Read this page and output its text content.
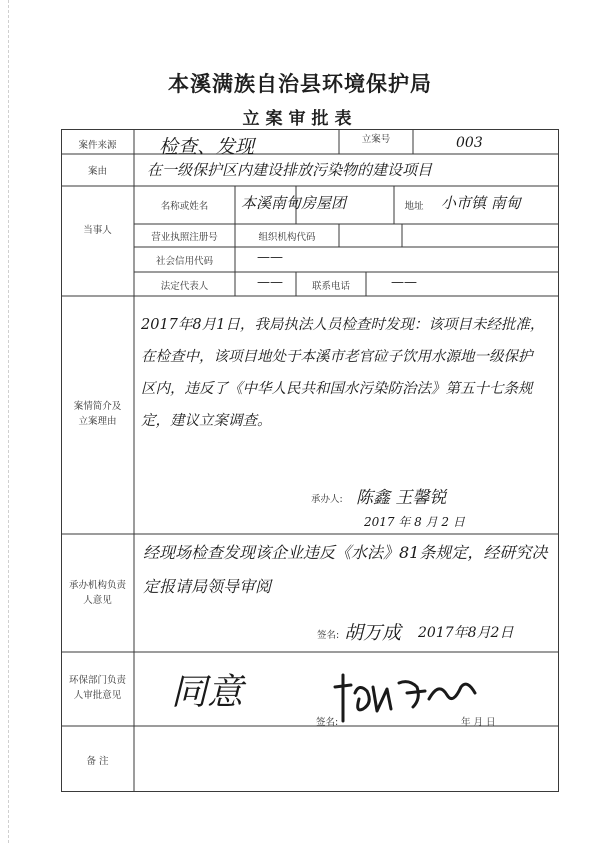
本溪满族自治县环境保护局
立案审批表
案件来源	检查、发现	立案号	003
案由	在一级保护区内建设排放污染物的建设项目
当事人
名称或姓名	本溪南甸房屋团	地址	小市镇 南甸
营业执照注册号	组织机构代码
社会信用代码	——
法定代表人	——	联系电话	——
案情简介及
立案理由
2017年8月1日，我局执法人员检查时发现：该项目未经批准，在检查中，该项目地处于本溪市老官砬子饮用水源地一级保护区内，违反了《中华人民共和国水污染防治法》第五十七条规定，建议立案调查。
承办人: 陈鑫 王馨锐
2017 年 8 月 2 日
承办机构负责
人意见
经现场检查发现该企业违反《水法》81条规定，经研究决定报请局领导审阅
签名: 胡万成 2017年8月2日
环保部门负责
人审批意见	同意
签名:	年 月 日
备 注
